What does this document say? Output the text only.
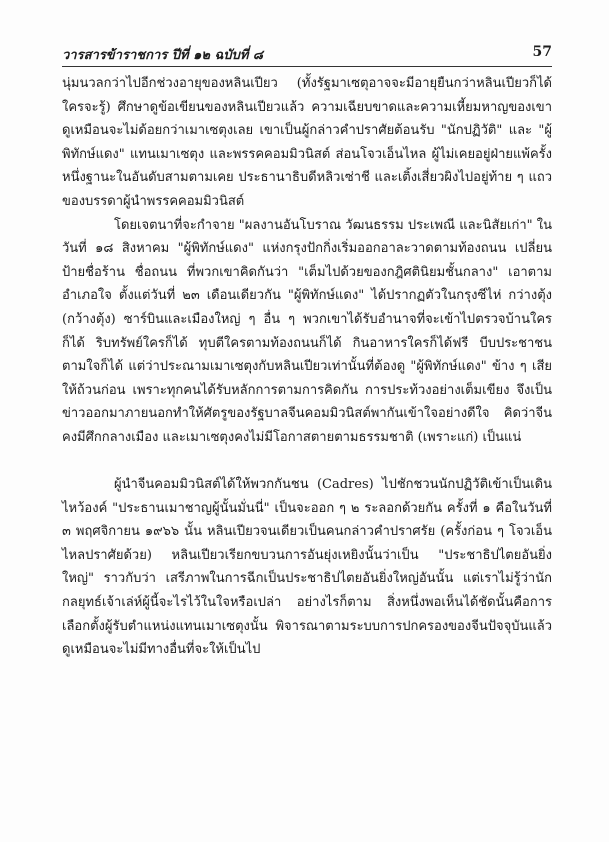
วารสารข้าราชการ ปีที่ ๑๒ ฉบับที่ ๘	57

นุ่มนวลกว่าไปอีกช่วงอายุของหลินเปียว (ทั้งรัฐมาเซตุอาจจะมีอายุยืนกว่าหลินเปียวก็ได้ ใครจะรู้) ศึกษาดูข้อเขียนของหลินเปียวแล้ว ความเฉียบขาดและความเหี้ยมหาญของเขา ดูเหมือนจะไม่ด้อยกว่าเมาเซตุงเลย เขาเป็นผู้กล่าวคำปราศัยต้อนรับ "นักปฏิวัติ" และ "ผู้พิทักษ์แดง" แทนเมาเซตุง และพรรคคอมมิวนิสต์ ส่อนโจวเอ็นไหล ผู้ไม่เคยอยู่ฝ่ายแพ้ครั้งหนึ่งฐานะในอันดับสามตามเคย ประธานาธิบดีหลิวเซ่าชี และเติ้งเสี่ยวผิงไปอยู่ท้าย ๆ แถวของบรรดาผู้นำพรรคคอมมิวนิสต์

โดยเจตนาที่จะกำจาย "ผลงานอันโบราณ วัฒนธรรม ประเพณี และนิสัยเก่า" ในวันที่ ๑๘ สิงหาคม "ผู้พิทักษ์แดง" แห่งกรุงปักกิ่งเริ่มออกอาละวาดตามท้องถนน เปลี่ยนป้ายชื่อร้าน ชื่อถนน ที่พวกเขาคิดกันว่า "เต็มไปด้วยของกฎิศตินิยมชั้นกลาง" เอาตามอำเภอใจ ตั้งแต่วันที่ ๒๓ เดือนเดียวกัน "ผู้พิทักษ์แดง" ได้ปรากฏตัวในกรุงซีไห่ กว่างตุ้ง (กว้างตุ้ง) ซาร์บินและเมืองใหญ่ ๆ อื่น ๆ พวกเขาได้รับอำนาจที่จะเข้าไปตรวจบ้านใครก็ได้ ริบทรัพย์ใครก็ได้ ทุบตีใครตามท้องถนนก็ได้ กินอาหารใครก็ได้ฟรี บีบประชาชนตามใจก็ได้ แต่ว่าประณามเมาเซตุงกับหลินเปียวเท่านั้นที่ต้องดู "ผู้พิทักษ์แดง" ข้าง ๆ เสียให้ถ้วนก่อน เพราะทุกคนได้รับหลักการตามการคิดกัน การประท้วงอย่างเต็มเขียง จึงเป็นข่าวออกมาภายนอกทำให้ศัตรูของรัฐบาลจีนคอมมิวนิสต์พากันเข้าใจอย่างดีใจ คิดว่าจีนคงมีศึกกลางเมือง และเมาเซตุงคงไม่มีโอกาสตายตามธรรมชาติ (เพราะแก่) เป็นแน่

ผู้นำจีนคอมมิวนิสต์ได้ให้พวกกันชน (Cadres) ไปชักชวนนักปฏิวัติเข้าเป็นเดินไหว้องค์ "ประธานเมาชาญผู้นั้นมั่นนี่" เป็นจะออก ๆ ๒ ระลอกด้วยกัน ครั้งที่ ๑ คือในวันที่ ๓ พฤศจิกายน ๑๙๖๖ นั้น หลินเปียวจนเดียวเป็นคนกล่าวคำปราศรัย (ครั้งก่อน ๆ โจวเอ็นไหลปราศัยด้วย) หลินเปียวเรียกขบวนการอันยุ่งเหยิงนั้นว่าเป็น "ประชาธิปไตยอันยิ่งใหญ่" ราวกับว่า เสรีภาพในการฉีกเป็นประชาธิปไตยอันยิ่งใหญ่อันนั้น แต่เราไม่รู้ว่านักกลยุทธ์เจ้าเล่ห์ผู้นี้จะไรไว้ในใจหรือเปล่า อย่างไรก็ตาม สิ่งหนึ่งพอเห็นได้ชัดนั้นคือการเลือกตั้งผู้รับตำแหน่งแทนเมาเซตุงนั้น พิจารณาตามระบบการปกครองของจีนปัจจุบันแล้ว ดูเหมือนจะไม่มีทางอื่นที่จะให้เป็นไป
